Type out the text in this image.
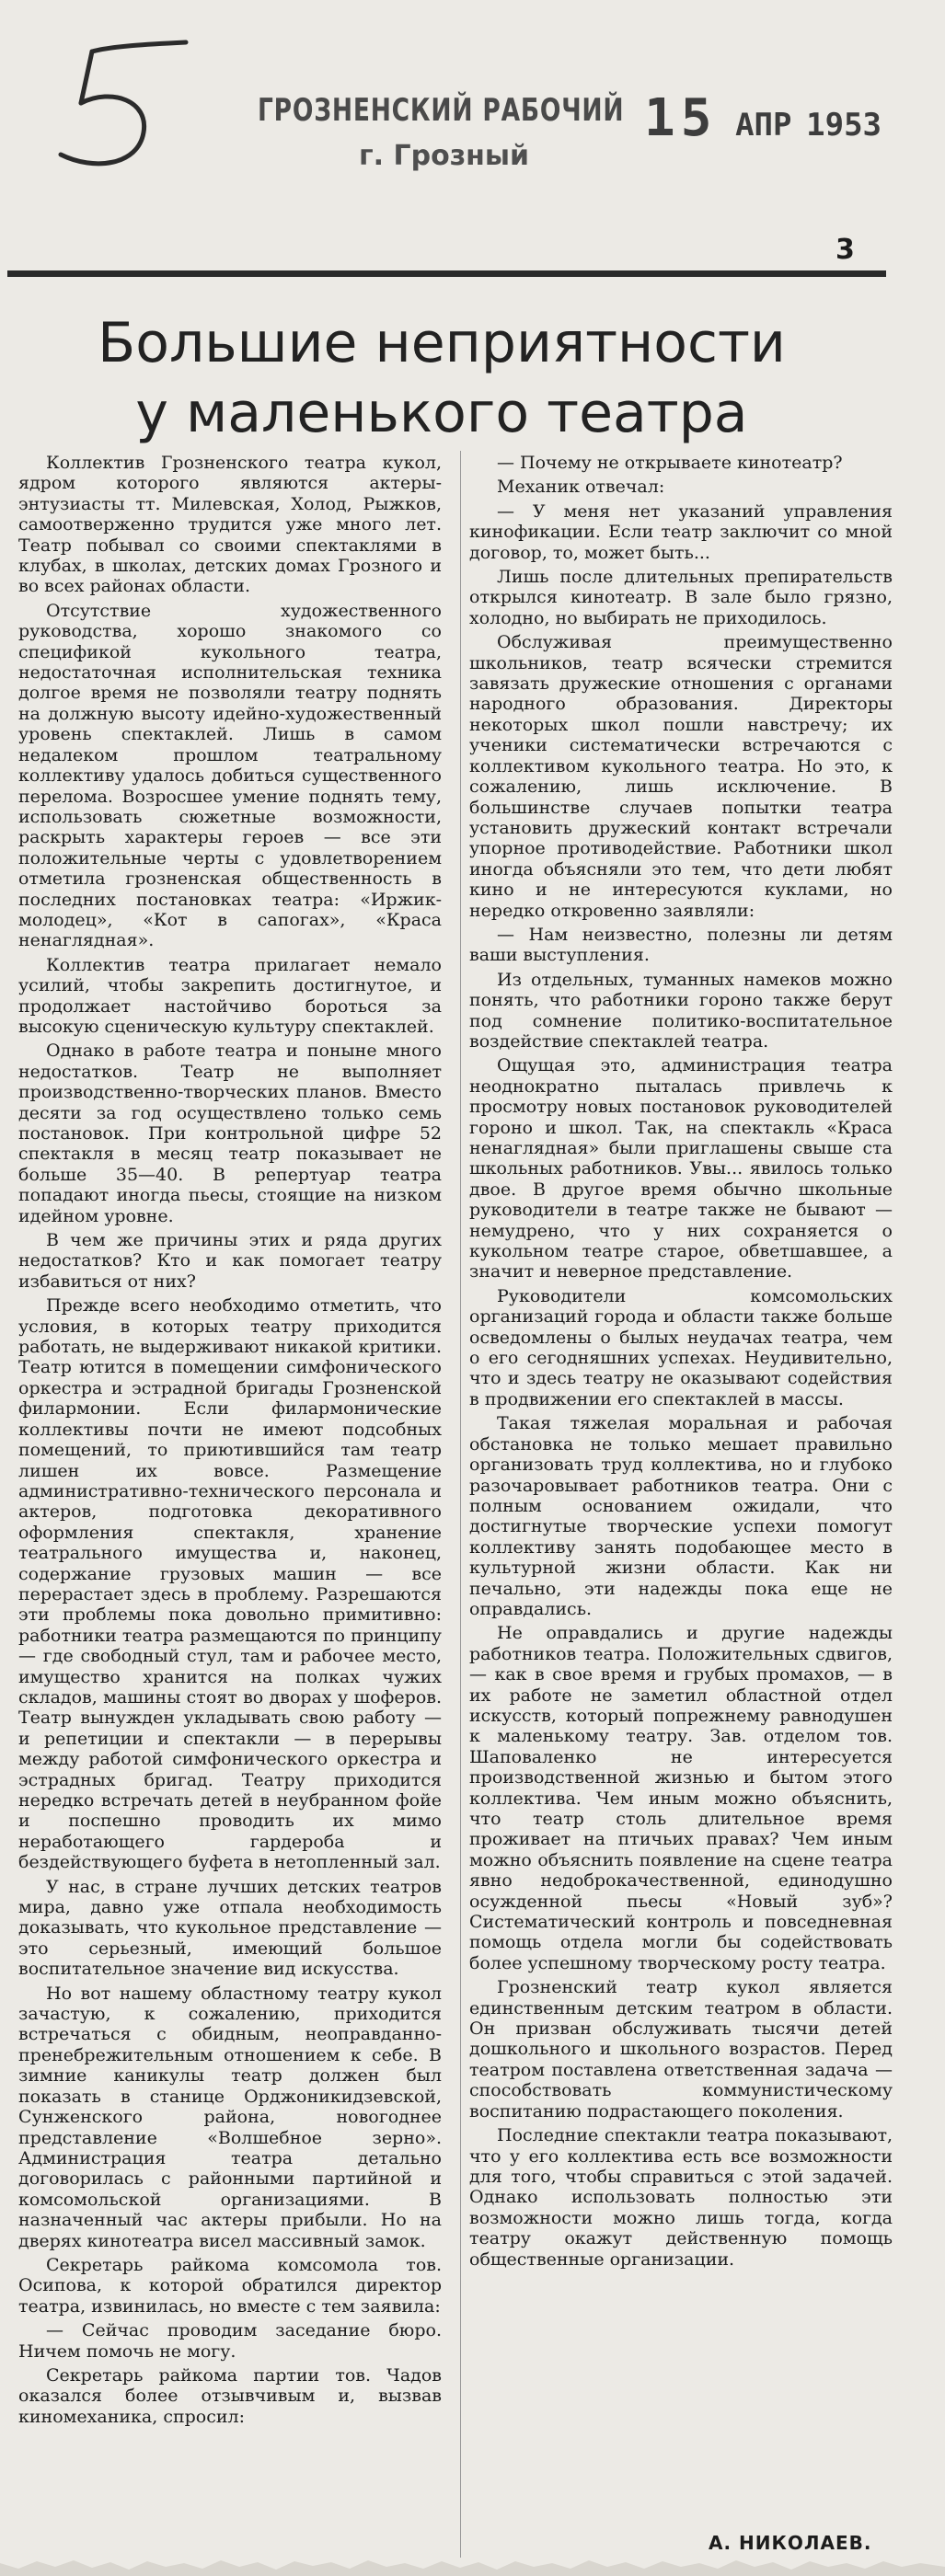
ГРОЗНЕНСКИЙ РАБОЧИЙ
г. Грозный
15 АПР 1953
3
Большие неприятности
у маленького театра

Коллектив Грозненского театра кукол, ядром которого являются актеры-энтузиасты тт. Милевская, Холод, Рыжков, самоотверженно трудится уже много лет. Театр побывал со своими спектаклями в клубах, в школах, детских домах Грозного и во всех районах области.

Отсутствие художественного руководства, хорошо знакомого со спецификой кукольного театра, недостаточная исполнительская техника долгое время не позволяли театру поднять на должную высоту идейно-художественный уровень спектаклей. Лишь в самом недалеком прошлом театральному коллективу удалось добиться существенного перелома. Возросшее умение поднять тему, использовать сюжетные возможности, раскрыть характеры героев — все эти положительные черты с удовлетворением отметила грозненская общественность в последних постановках театра: «Иржик-молодец», «Кот в сапогах», «Краса ненаглядная».

Коллектив театра прилагает немало усилий, чтобы закрепить достигнутое, и продолжает настойчиво бороться за высокую сценическую культуру спектаклей.

Однако в работе театра и поныне много недостатков. Театр не выполняет производственно-творческих планов. Вместо десяти за год осуществлено только семь постановок. При контрольной цифре 52 спектакля в месяц театр показывает не больше 35—40. В репертуар театра попадают иногда пьесы, стоящие на низком идейном уровне.

В чем же причины этих и ряда других недостатков? Кто и как помогает театру избавиться от них?

Прежде всего необходимо отметить, что условия, в которых театру приходится работать, не выдерживают никакой критики. Театр ютится в помещении симфонического оркестра и эстрадной бригады Грозненской филармонии. Если филармонические коллективы почти не имеют подсобных помещений, то приютившийся там театр лишен их вовсе. Размещение административно-технического персонала и актеров, подготовка декоративного оформления спектакля, хранение театрального имущества и, наконец, содержание грузовых машин — все перерастает здесь в проблему. Разрешаются эти проблемы пока довольно примитивно: работники театра размещаются по принципу — где свободный стул, там и рабочее место, имущество хранится на полках чужих складов, машины стоят во дворах у шоферов. Театр вынужден укладывать свою работу — и репетиции и спектакли — в перерывы между работой симфонического оркестра и эстрадных бригад. Театру приходится нередко встречать детей в неубранном фойе и поспешно проводить их мимо неработающего гардероба и бездействующего буфета в нетопленный зал.

У нас, в стране лучших детских театров мира, давно уже отпала необходимость доказывать, что кукольное представление — это серьезный, имеющий большое воспитательное значение вид искусства.

Но вот нашему областному театру кукол зачастую, к сожалению, приходится встречаться с обидным, неоправданно-пренебрежительным отношением к себе. В зимние каникулы театр должен был показать в станице Орджоникидзевской, Сунженского района, новогоднее представление «Волшебное зерно». Администрация театра детально договорилась с районными партийной и комсомольской организациями. В назначенный час актеры прибыли. Но на дверях кинотеатра висел массивный замок.

Секретарь райкома комсомола тов. Осипова, к которой обратился директор театра, извинилась, но вместе с тем заявила:

— Сейчас проводим заседание бюро. Ничем помочь не могу.

Секретарь райкома партии тов. Чадов оказался более отзывчивым и, вызвав киномеханика, спросил:

— Почему не открываете кинотеатр?

Механик отвечал:

— У меня нет указаний управления кинофикации. Если театр заключит со мной договор, то, может быть...

Лишь после длительных препирательств открылся кинотеатр. В зале было грязно, холодно, но выбирать не приходилось.

Обслуживая преимущественно школьников, театр всячески стремится завязать дружеские отношения с органами народного образования. Директоры некоторых школ пошли навстречу; их ученики систематически встречаются с коллективом кукольного театра. Но это, к сожалению, лишь исключение. В большинстве случаев попытки театра установить дружеский контакт встречали упорное противодействие. Работники школ иногда объясняли это тем, что дети любят кино и не интересуются куклами, но нередко откровенно заявляли:

— Нам неизвестно, полезны ли детям ваши выступления.

Из отдельных, туманных намеков можно понять, что работники гороно также берут под сомнение политико-воспитательное воздействие спектаклей театра.

Ощущая это, администрация театра неоднократно пыталась привлечь к просмотру новых постановок руководителей гороно и школ. Так, на спектакль «Краса ненаглядная» были приглашены свыше ста школьных работников. Увы... явилось только двое. В другое время обычно школьные руководители в театре также не бывают — немудрено, что у них сохраняется о кукольном театре старое, обветшавшее, а значит и неверное представление.

Руководители комсомольских организаций города и области также больше осведомлены о былых неудачах театра, чем о его сегодняшних успехах. Неудивительно, что и здесь театру не оказывают содействия в продвижении его спектаклей в массы.

Такая тяжелая моральная и рабочая обстановка не только мешает правильно организовать труд коллектива, но и глубоко разочаровывает работников театра. Они с полным основанием ожидали, что достигнутые творческие успехи помогут коллективу занять подобающее место в культурной жизни области. Как ни печально, эти надежды пока еще не оправдались.

Не оправдались и другие надежды работников театра. Положительных сдвигов, — как в свое время и грубых промахов, — в их работе не заметил областной отдел искусств, который попрежнему равнодушен к маленькому театру. Зав. отделом тов. Шаповаленко не интересуется производственной жизнью и бытом этого коллектива. Чем иным можно объяснить, что театр столь длительное время проживает на птичьих правах? Чем иным можно объяснить появление на сцене театра явно недоброкачественной, единодушно осужденной пьесы «Новый зуб»? Систематический контроль и повседневная помощь отдела могли бы содействовать более успешному творческому росту театра.

Грозненский театр кукол является единственным детским театром в области. Он призван обслуживать тысячи детей дошкольного и школьного возрастов. Перед театром поставлена ответственная задача — способствовать коммунистическому воспитанию подрастающего поколения.

Последние спектакли театра показывают, что у его коллектива есть все возможности для того, чтобы справиться с этой задачей. Однако использовать полностью эти возможности можно лишь тогда, когда театру окажут действенную помощь общественные организации.

А. НИКОЛАЕВ.
